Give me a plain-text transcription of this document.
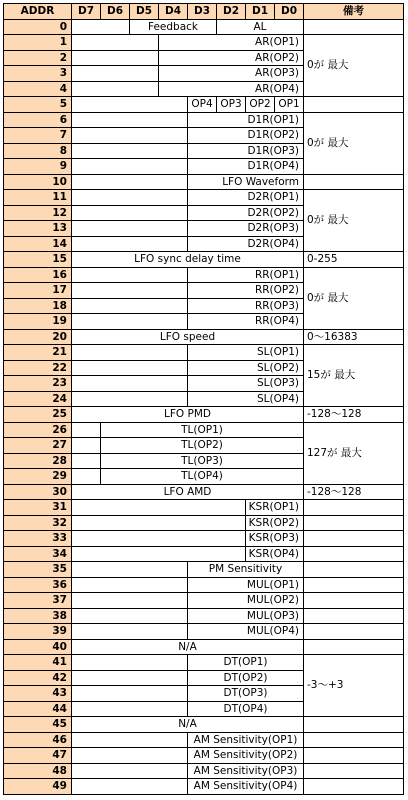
ADDR	D7	D6	D5	D4	D3	D2	D1	D0	備考
0			Feedback			AL			
1				AR(OP1)					0が 最大
2				AR(OP2)					
3				AR(OP3)					
4				AR(OP4)					
5					OP4	OP3	OP2	OP1	
6					D1R(OP1)				0が 最大
7					D1R(OP2)				
8					D1R(OP3)				
9					D1R(OP4)				
10					LFO Waveform				
11					D2R(OP1)				0が 最大
12					D2R(OP2)				
13					D2R(OP3)				
14					D2R(OP4)				
15	LFO sync delay time								0-255
16					RR(OP1)				0が 最大
17					RR(OP2)				
18					RR(OP3)				
19					RR(OP4)				
20	LFO speed								0〜16383
21					SL(OP1)				15が 最大
22					SL(OP2)				
23					SL(OP3)				
24					SL(OP4)				
25	LFO PMD								-128〜128
26		TL(OP1)							127が 最大
27		TL(OP2)							
28		TL(OP3)							
29		TL(OP4)							
30	LFO AMD								-128〜128
31							KSR(OP1)		
32							KSR(OP2)		
33							KSR(OP3)		
34							KSR(OP4)		
35					PM Sensitivity				
36					MUL(OP1)				
37					MUL(OP2)				
38					MUL(OP3)				
39					MUL(OP4)				
40	N/A								
41					DT(OP1)				-3〜+3
42					DT(OP2)				
43					DT(OP3)				
44					DT(OP4)				
45	N/A								
46					AM Sensitivity(OP1)				
47					AM Sensitivity(OP2)				
48					AM Sensitivity(OP3)				
49					AM Sensitivity(OP4)				
